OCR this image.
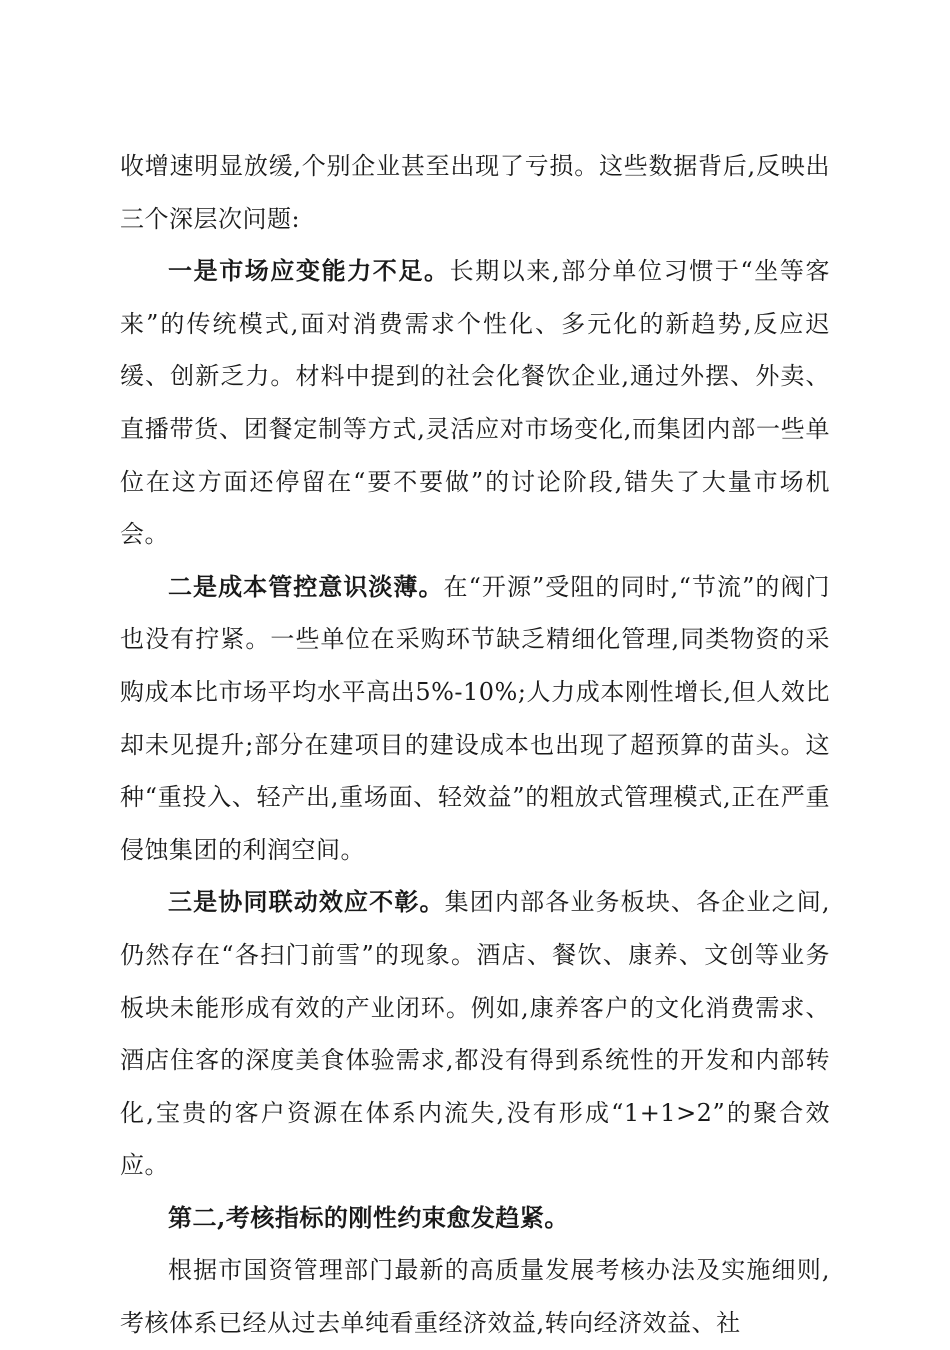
收增速明显放缓,个别企业甚至出现了亏损。这些数据背后,反映出三个深层次问题:

一是市场应变能力不足。长期以来,部分单位习惯于“坐等客来”的传统模式,面对消费需求个性化、多元化的新趋势,反应迟缓、创新乏力。材料中提到的社会化餐饮企业,通过外摆、外卖、直播带货、团餐定制等方式,灵活应对市场变化,而集团内部一些单位在这方面还停留在“要不要做”的讨论阶段,错失了大量市场机会。

二是成本管控意识淡薄。在“开源”受阻的同时,“节流”的阀门也没有拧紧。一些单位在采购环节缺乏精细化管理,同类物资的采购成本比市场平均水平高出5%-10%;人力成本刚性增长,但人效比却未见提升;部分在建项目的建设成本也出现了超预算的苗头。这种“重投入、轻产出,重场面、轻效益”的粗放式管理模式,正在严重侵蚀集团的利润空间。

三是协同联动效应不彰。集团内部各业务板块、各企业之间,仍然存在“各扫门前雪”的现象。酒店、餐饮、康养、文创等业务板块未能形成有效的产业闭环。例如,康养客户的文化消费需求、酒店住客的深度美食体验需求,都没有得到系统性的开发和内部转化,宝贵的客户资源在体系内流失,没有形成“1+1>2”的聚合效应。

第二,考核指标的刚性约束愈发趋紧。

根据市国资管理部门最新的高质量发展考核办法及实施细则,考核体系已经从过去单纯看重经济效益,转向经济效益、社
